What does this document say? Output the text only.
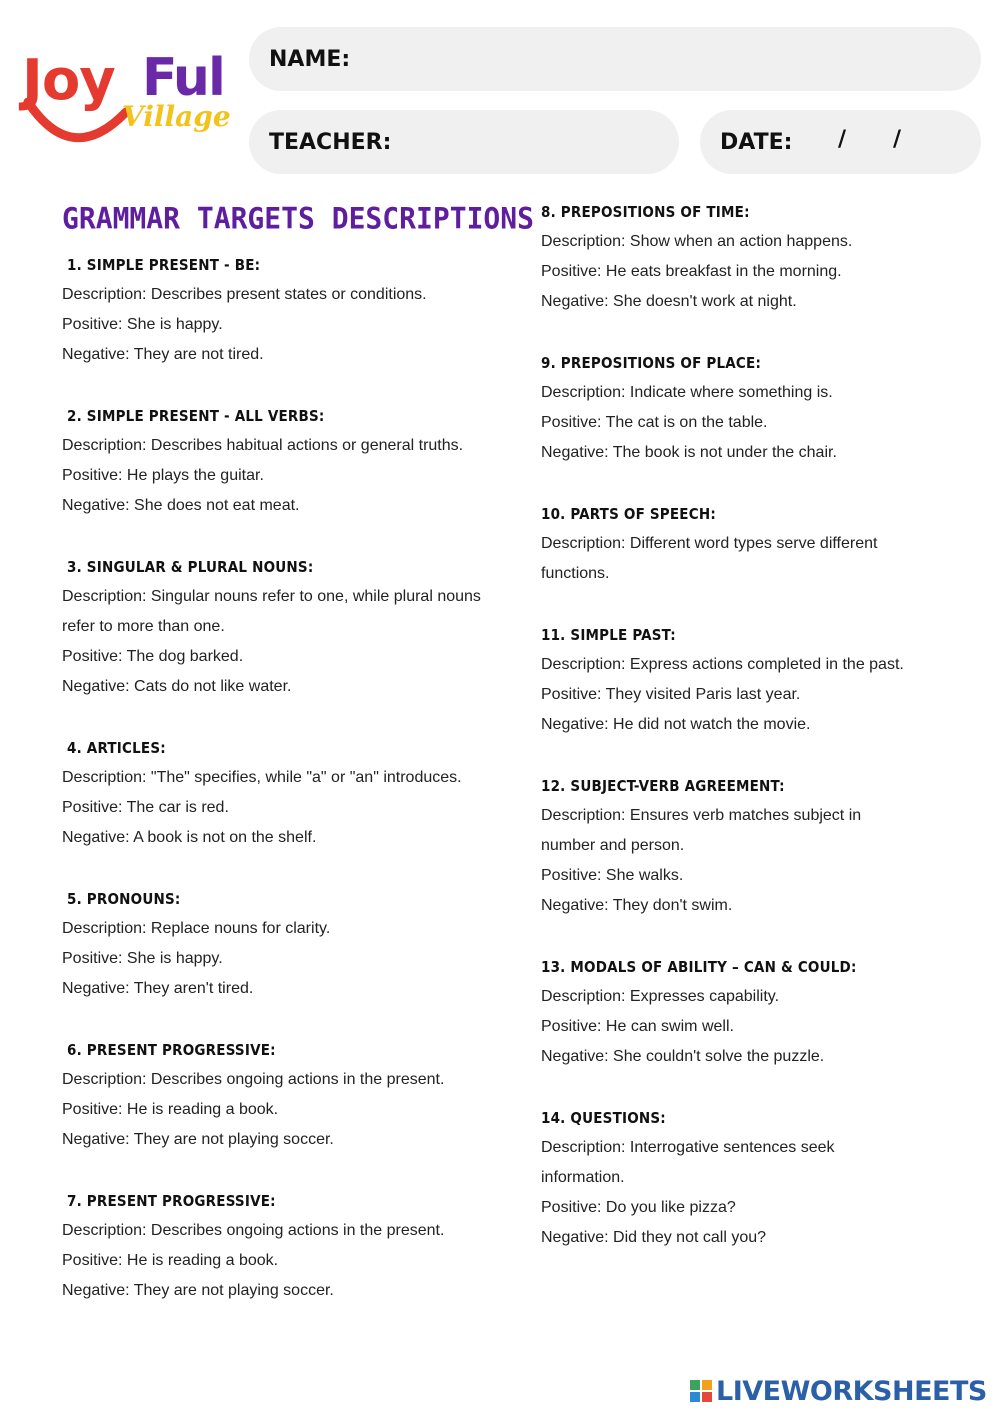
Joy Ful
Village
NAME:
TEACHER:	DATE: / /
GRAMMAR TARGETS DESCRIPTIONS
1. SIMPLE PRESENT - BE:
Description: Describes present states or conditions.
Positive: She is happy.
Negative: They are not tired.
2. SIMPLE PRESENT - ALL VERBS:
Description: Describes habitual actions or general truths.
Positive: He plays the guitar.
Negative: She does not eat meat.
3. SINGULAR & PLURAL NOUNS:
Description: Singular nouns refer to one, while plural nouns
refer to more than one.
Positive: The dog barked.
Negative: Cats do not like water.
4. ARTICLES:
Description: "The" specifies, while "a" or "an" introduces.
Positive: The car is red.
Negative: A book is not on the shelf.
5. PRONOUNS:
Description: Replace nouns for clarity.
Positive: She is happy.
Negative: They aren't tired.
6. PRESENT PROGRESSIVE:
Description: Describes ongoing actions in the present.
Positive: He is reading a book.
Negative: They are not playing soccer.
7. PRESENT PROGRESSIVE:
Description: Describes ongoing actions in the present.
Positive: He is reading a book.
Negative: They are not playing soccer.
8. PREPOSITIONS OF TIME:
Description: Show when an action happens.
Positive: He eats breakfast in the morning.
Negative: She doesn't work at night.
9. PREPOSITIONS OF PLACE:
Description: Indicate where something is.
Positive: The cat is on the table.
Negative: The book is not under the chair.
10. PARTS OF SPEECH:
Description: Different word types serve different
functions.
11. SIMPLE PAST:
Description: Express actions completed in the past.
Positive: They visited Paris last year.
Negative: He did not watch the movie.
12. SUBJECT-VERB AGREEMENT:
Description: Ensures verb matches subject in
number and person.
Positive: She walks.
Negative: They don't swim.
13. MODALS OF ABILITY – CAN & COULD:
Description: Expresses capability.
Positive: He can swim well.
Negative: She couldn't solve the puzzle.
14. QUESTIONS:
Description: Interrogative sentences seek
information.
Positive: Do you like pizza?
Negative: Did they not call you?
LIVEWORKSHEETS
